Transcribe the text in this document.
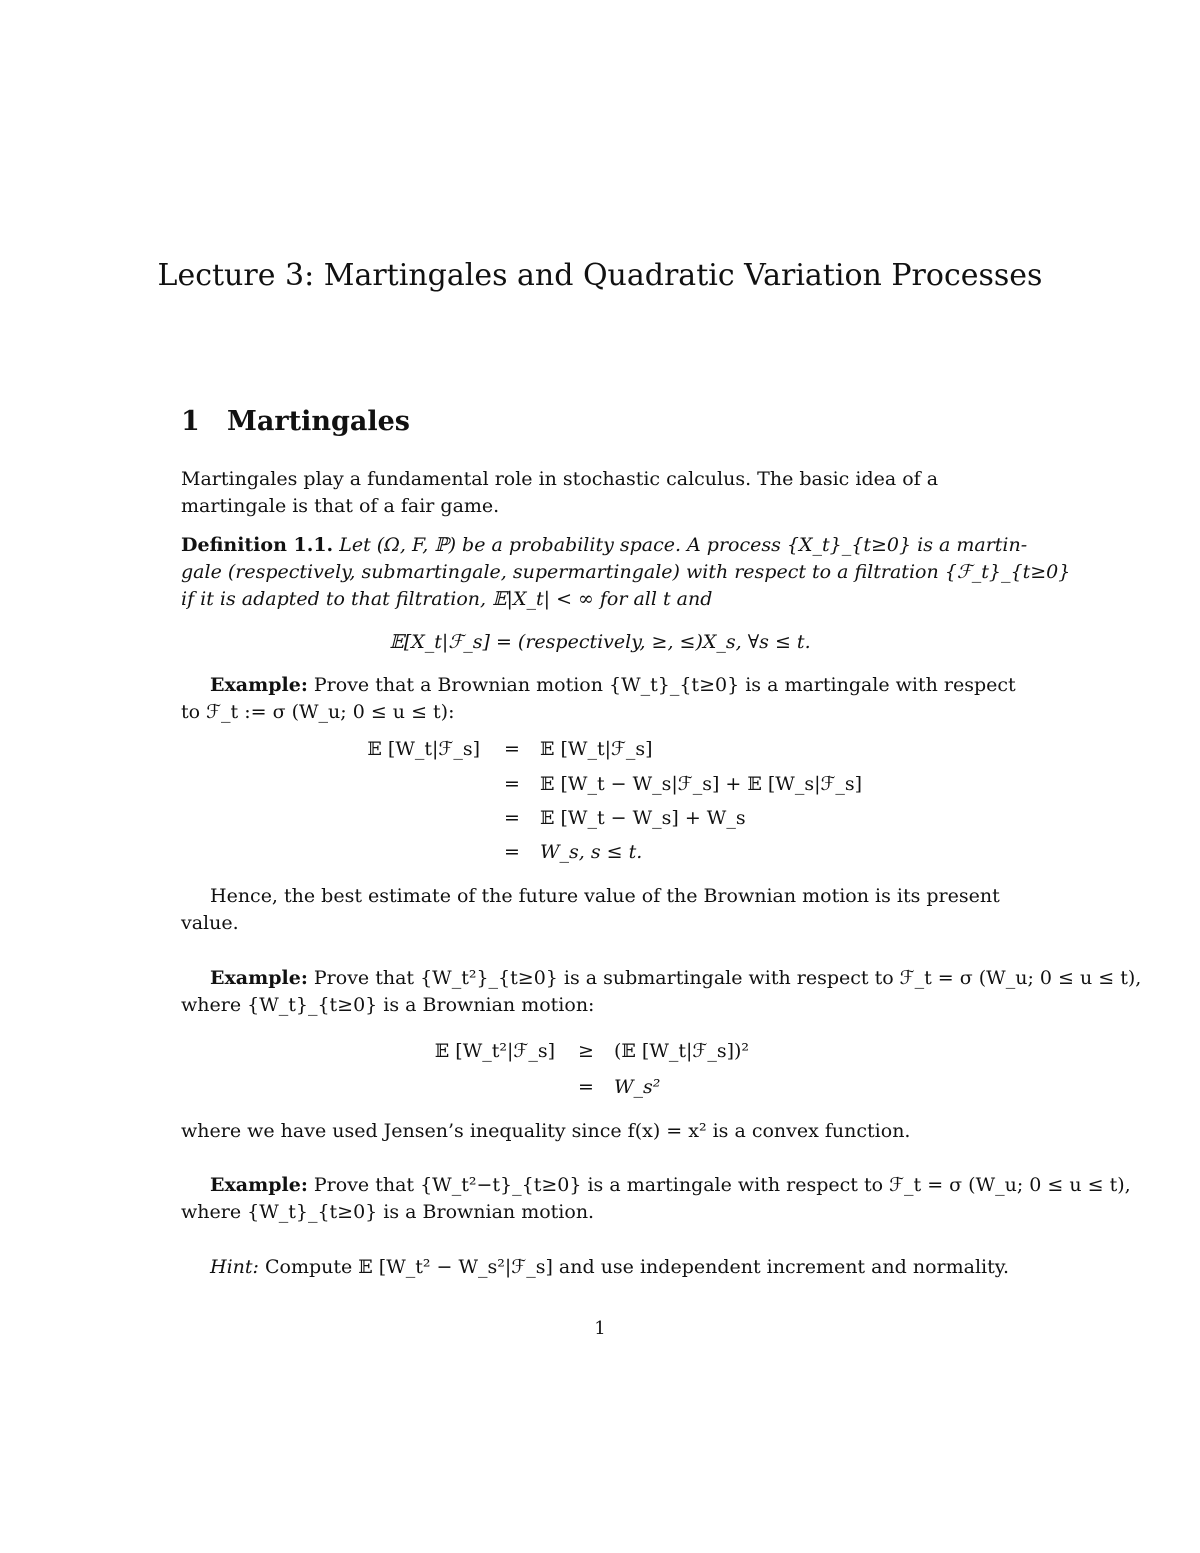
Lecture 3: Martingales and Quadratic Variation Processes
1 Martingales
Martingales play a fundamental role in stochastic calculus. The basic idea of a
martingale is that of a fair game.
Definition 1.1. Let (Ω, F, ℙ) be a probability space. A process {X_t}_{t≥0} is a martin-
gale (respectively, submartingale, supermartingale) with respect to a filtration {ℱ_t}_{t≥0}
if it is adapted to that filtration, 𝔼|X_t| < ∞ for all t and
𝔼[X_t|ℱ_s] = (respectively, ≥, ≤)X_s, ∀s ≤ t.
Example: Prove that a Brownian motion {W_t}_{t≥0} is a martingale with respect
to ℱ_t := σ (W_u; 0 ≤ u ≤ t):
𝔼 [W_t|ℱ_s] = 𝔼 [W_t|ℱ_s]
= 𝔼 [W_t − W_s|ℱ_s] + 𝔼 [W_s|ℱ_s]
= 𝔼 [W_t − W_s] + W_s
= W_s, s ≤ t.
Hence, the best estimate of the future value of the Brownian motion is its present
value.
Example: Prove that {W_t²}_{t≥0} is a submartingale with respect to ℱ_t = σ (W_u; 0 ≤ u ≤ t),
where {W_t}_{t≥0} is a Brownian motion:
𝔼 [W_t²|ℱ_s] ≥ (𝔼 [W_t|ℱ_s])²
= W_s²
where we have used Jensen’s inequality since f(x) = x² is a convex function.
Example: Prove that {W_t²−t}_{t≥0} is a martingale with respect to ℱ_t = σ (W_u; 0 ≤ u ≤ t),
where {W_t}_{t≥0} is a Brownian motion.
Hint: Compute 𝔼 [W_t² − W_s²|ℱ_s] and use independent increment and normality.
1
